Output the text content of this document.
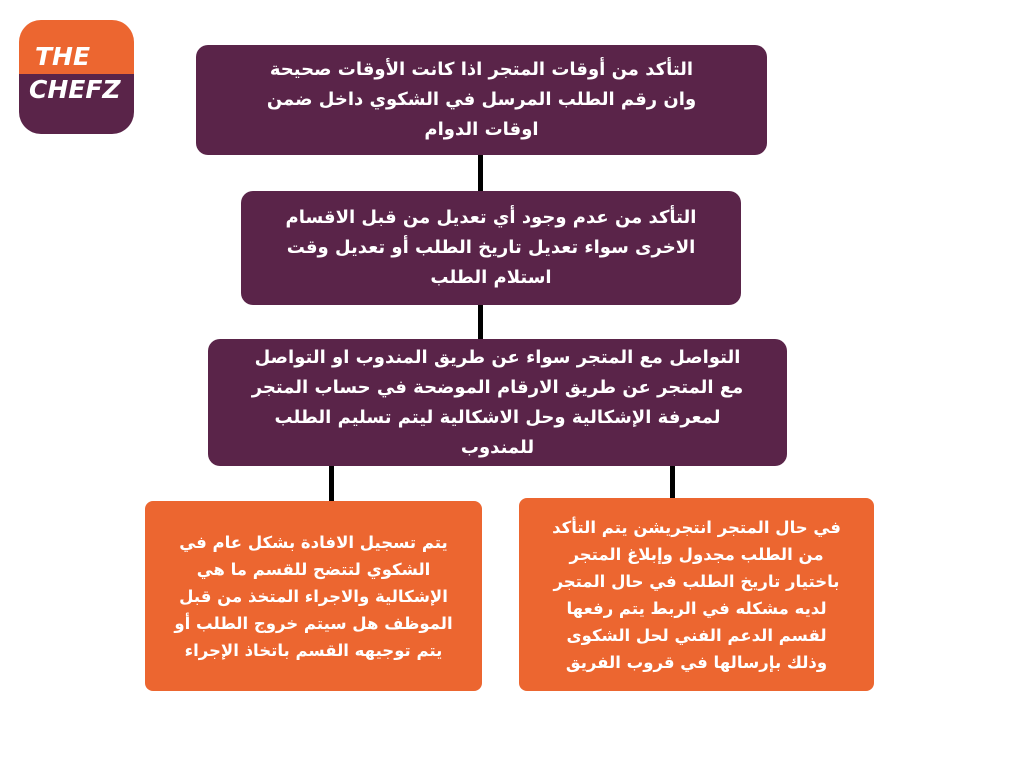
THE
CHEFZ
التأكد من أوقات المتجر اذا كانت الأوقات صحيحة
وان رقم الطلب المرسل في الشكوي داخل ضمن
اوقات الدوام
التأكد من عدم وجود أي تعديل من قبل الاقسام
الاخرى سواء تعديل تاريخ الطلب أو تعديل وقت
استلام الطلب
التواصل مع المتجر سواء عن طريق المندوب او التواصل
مع المتجر عن طريق الارقام الموضحة في حساب المتجر
لمعرفة الإشكالية وحل الاشكالية ليتم تسليم الطلب
للمندوب
يتم تسجيل الافادة بشكل عام في
الشكوي لتتضح للقسم ما هي
الإشكالية والاجراء المتخذ من قبل
الموظف هل سيتم خروج الطلب أو
يتم توجيهه القسم باتخاذ الإجراء
في حال المتجر انتجريشن يتم التأكد
من الطلب مجدول وإبلاغ المتجر
باختيار تاريخ الطلب في حال المتجر
لديه مشكله في الربط يتم رفعها
لقسم الدعم الفني لحل الشكوى
وذلك بإرسالها في قروب الفريق
